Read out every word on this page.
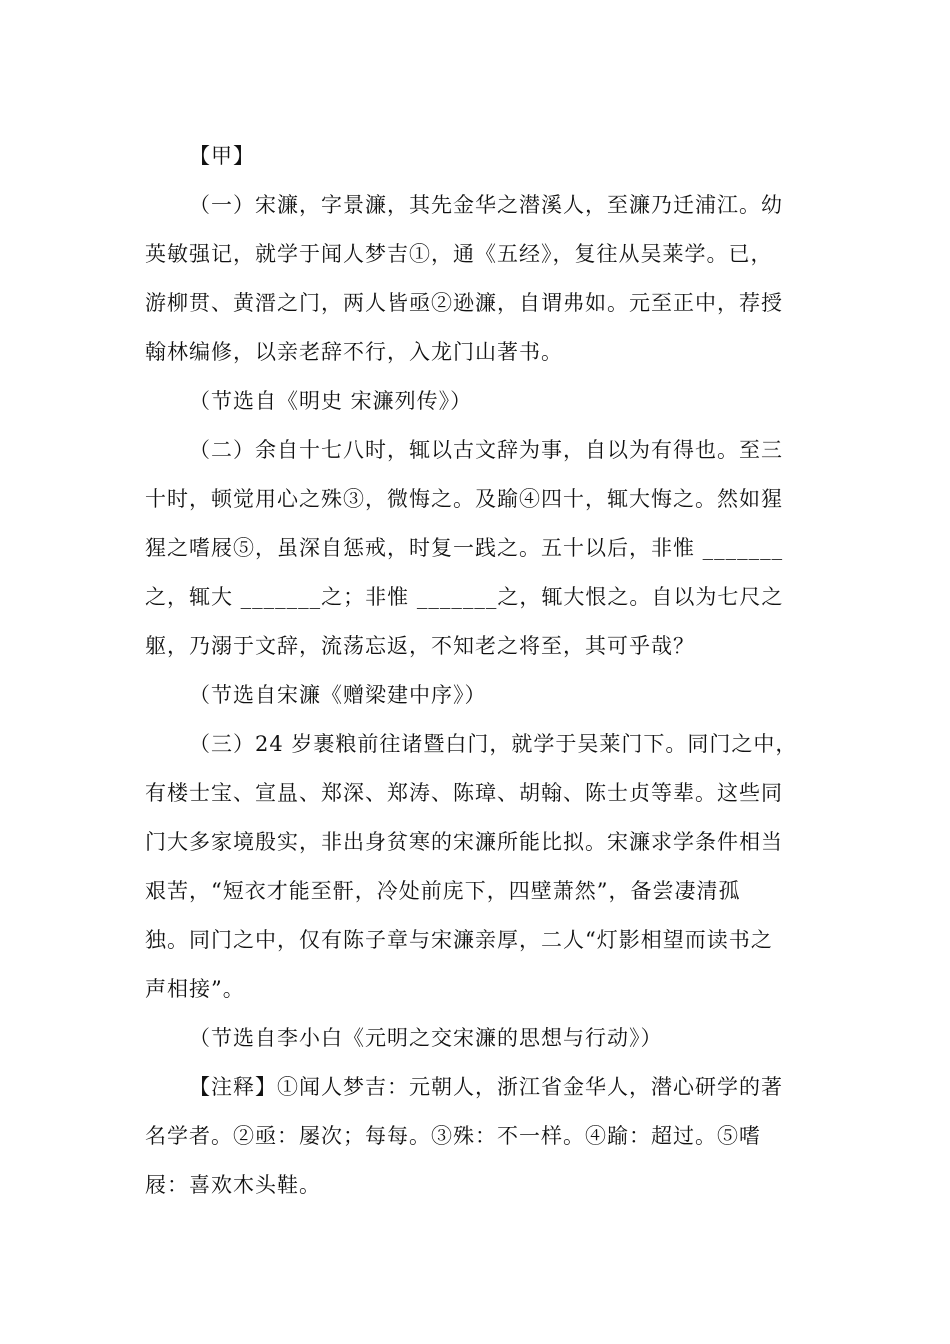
【甲】
（一）宋濂，字景濂，其先金华之潜溪人，至濂乃迁浦江。幼
英敏强记，就学于闻人梦吉①，通《五经》，复往从吴莱学。已，
游柳贯、黄溍之门，两人皆亟②逊濂，自谓弗如。元至正中，荐授
翰林编修，以亲老辞不行，入龙门山著书。
（节选自《明史 宋濂列传》）
（二）余自十七八时，辄以古文辞为事，自以为有得也。至三
十时，顿觉用心之殊③，微悔之。及踰④四十，辄大悔之。然如猩
猩之嗜屐⑤，虽深自惩戒，时复一践之。五十以后，非惟 _______
之，辄大 _______之；非惟 _______之，辄大恨之。自以为七尺之
躯，乃溺于文辞，流荡忘返，不知老之将至，其可乎哉？
（节选自宋濂《赠梁建中序》）
（三）24 岁裹粮前往诸暨白门，就学于吴莱门下。同门之中，
有楼士宝、宣昷、郑深、郑涛、陈璋、胡翰、陈士贞等辈。这些同
门大多家境殷实，非出身贫寒的宋濂所能比拟。宋濂求学条件相当
艰苦，“短衣才能至骭，冷处前庑下，四壁萧然”，备尝凄清孤
独。同门之中，仅有陈子章与宋濂亲厚，二人“灯影相望而读书之
声相接”。
（节选自李小白《元明之交宋濂的思想与行动》）
【注释】①闻人梦吉：元朝人，浙江省金华人，潜心研学的著
名学者。②亟：屡次；每每。③殊：不一样。④踰：超过。⑤嗜
屐：喜欢木头鞋。
